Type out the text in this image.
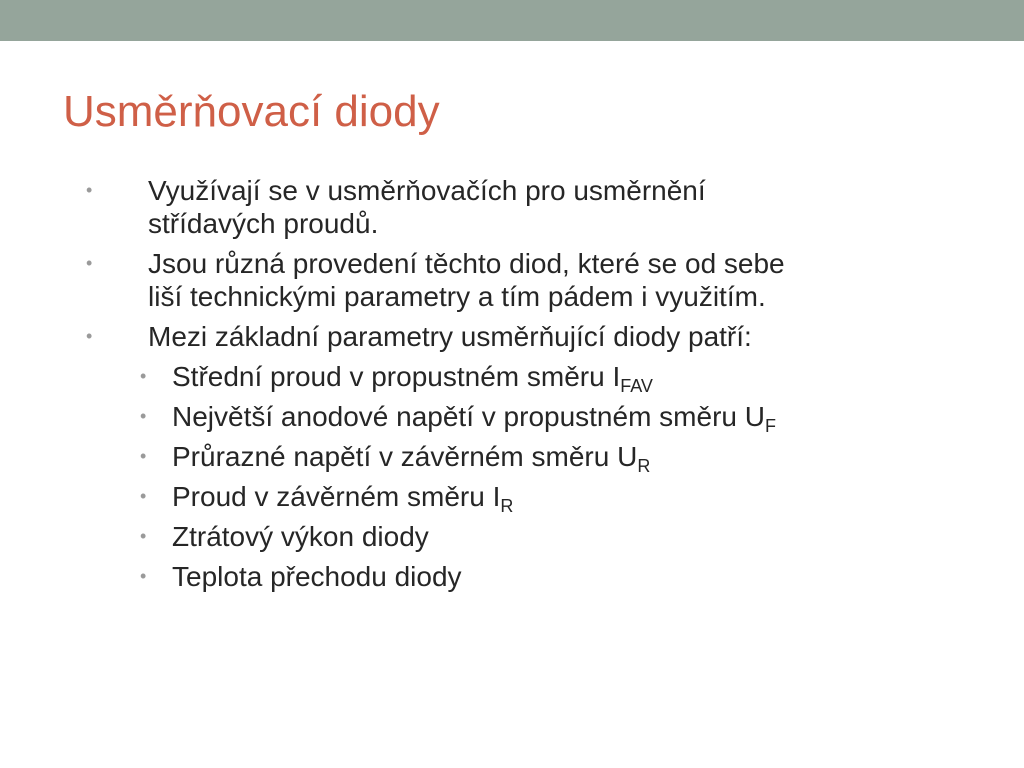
Usměrňovací diody
• Využívají se v usměrňovačích pro usměrnění
střídavých proudů.
• Jsou různá provedení těchto diod, které se od sebe
liší technickými parametry a tím pádem i využitím.
• Mezi základní parametry usměrňující diody patří:
• Střední proud v propustném směru $I_{FAV}$
• Největší anodové napětí v propustném směru $U_F$
• Průrazné napětí v závěrném směru $U_R$
• Proud v závěrném směru $I_R$
• Ztrátový výkon diody
• Teplota přechodu diody
